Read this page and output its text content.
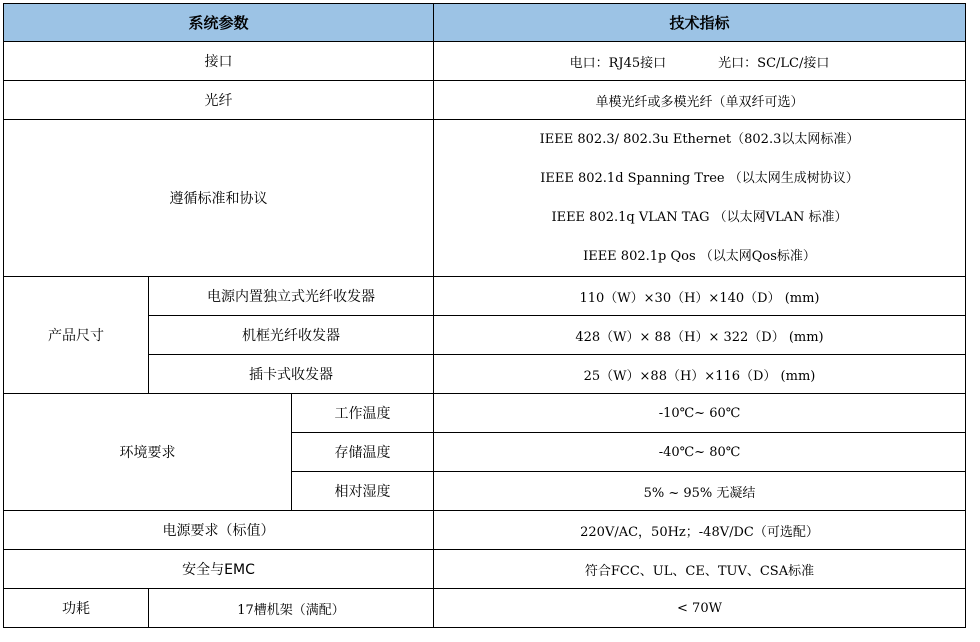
系统参数			技术指标
接口			电口：RJ45接口 光口：SC/LC/接口
光纤			单模光纤或多模光纤（单双纤可选）
遵循标准和协议			IEEE 802.3/ 802.3u Ethernet（802.3以太网标准）
IEEE 802.1d Spanning Tree （以太网生成树协议）
IEEE 802.1q VLAN TAG （以太网VLAN 标准）
IEEE 802.1p Qos （以太网Qos标准）

产品尺寸	电源内置独立式光纤收发器		110（W）×30（H）×140（D） (mm)
	机框光纤收发器		428（W）× 88（H）× 322（D） (mm)
	插卡式收发器		25（W）×88（H）×116（D） (mm)
环境要求		工作温度	-10℃~ 60℃
		存储温度	-40℃~ 80℃
		相对湿度	5% ~ 95% 无凝结
电源要求（标值）			220V/AC，50Hz；-48V/DC（可选配）
安全与EMC			符合FCC、UL、CE、TUV、CSA标准
功耗	17槽机架（满配）		< 70W
